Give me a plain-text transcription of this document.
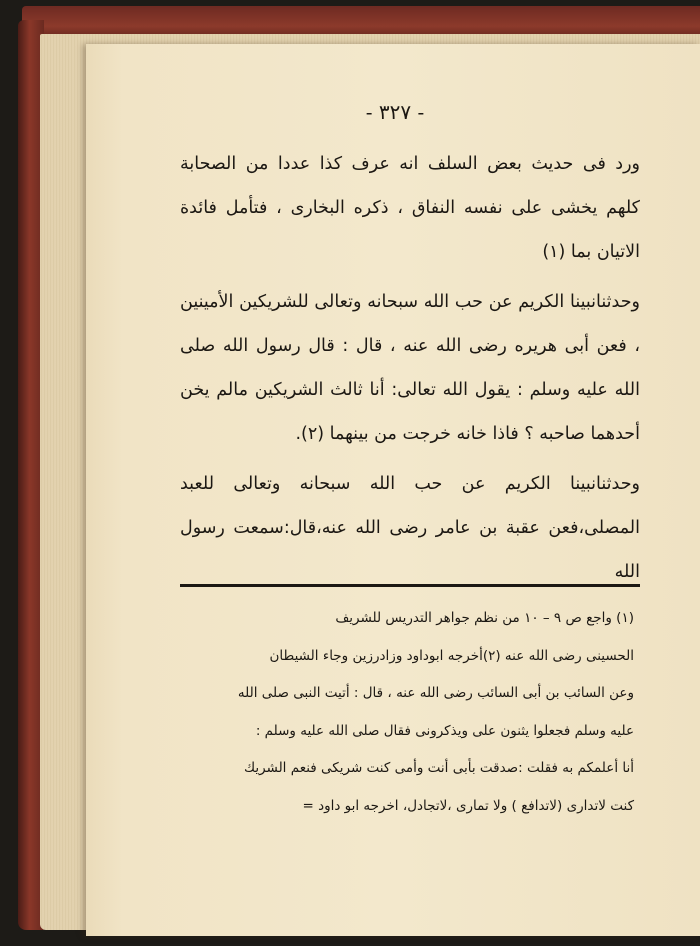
- ٣٢٧ -

ورد فى حديث بعض السلف انه عرف كذا عددا من الصحابة كلهم يخشى على نفسه النفاق ، ذكره البخارى ، فتأمل فائدة الاتيان بما (١)

وحدثنانبينا الكريم عن حب الله سبحانه وتعالى للشريكين الأمينين ، فعن أبى هريره رضى الله عنه ، قال : قال رسول الله صلى الله عليه وسلم : يقول الله تعالى: أنا ثالث الشريكين مالم يخن أحدهما صاحبه ؟ فاذا خانه خرجت من بينهما (٢).

وحدثنانبينا الكريم عن حب الله سبحانه وتعالى للعبد المصلى،فعن عقبة بن عامر رضى الله عنه،قال:سمعت رسول الله

(١) واجع ص ٩ – ١٠ من نظم جواهر التدريس للشريف

الحسينى رضى الله عنه (٢)أخرجه ابوداود وزادرزين وجاء الشيطان

وعن السائب بن أبى السائب رضى الله عنه ، قال : أتيت النبى صلى الله

عليه وسلم فجعلوا يثنون على ويذكرونى فقال صلى الله عليه وسلم :

أنا أعلمكم به فقلت :صدقت بأبى أنت وأمى كنت شريكى فنعم الشريك

كنت لاتدارى (لاتدافع ) ولا تمارى ،لاتجادل، اخرجه ابو داود =
